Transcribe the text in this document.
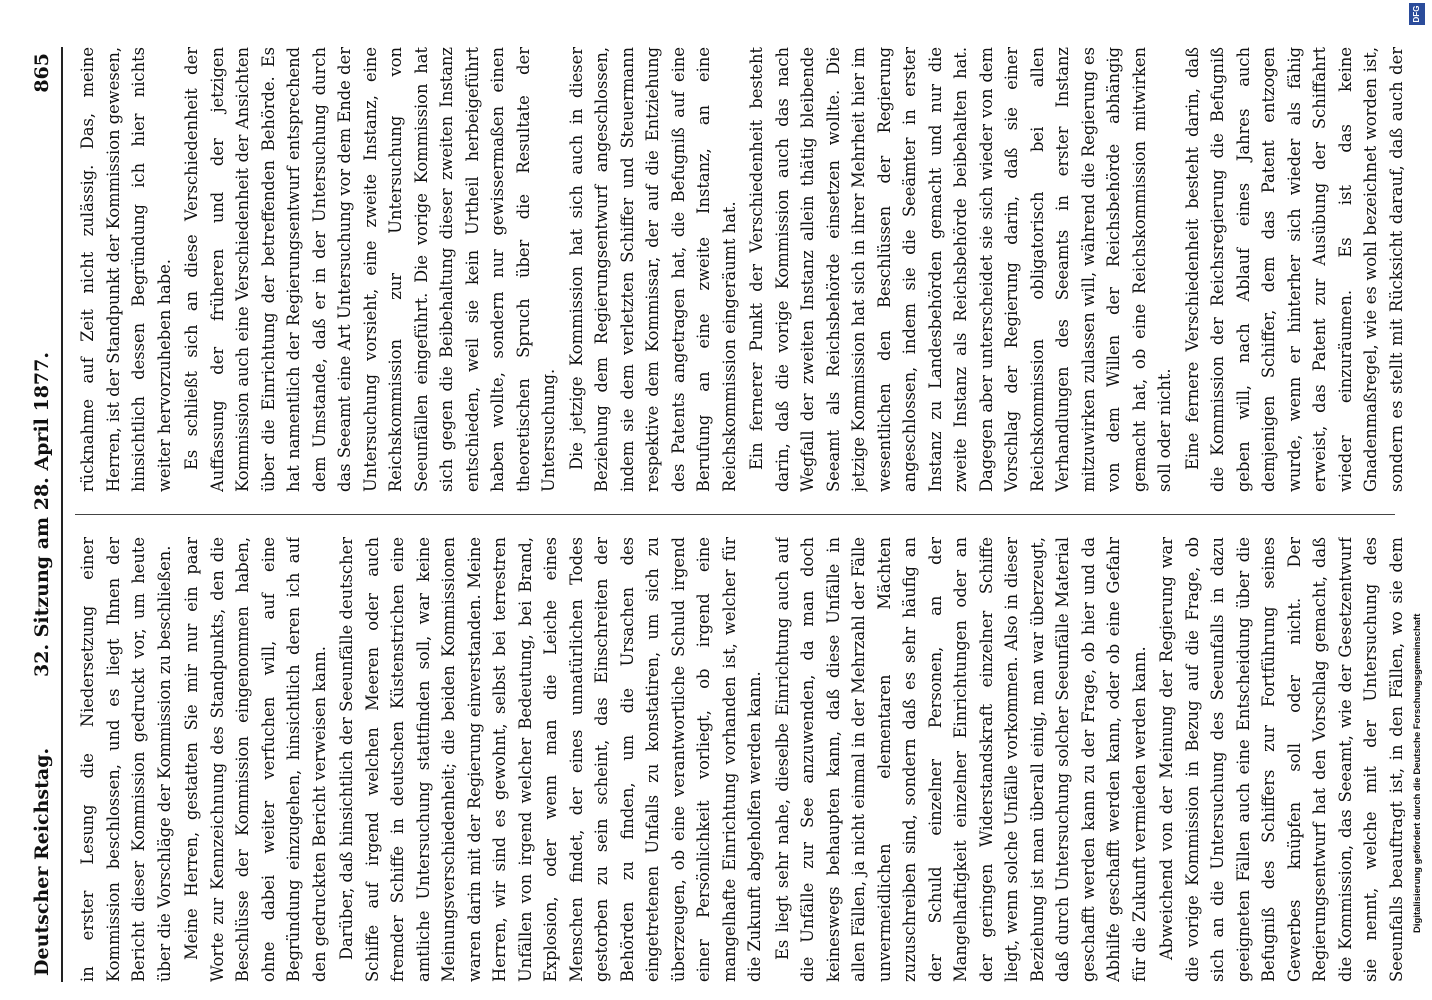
Deutscher Reichstag.
32. Sitzung am 28. April 1877.
865

in erster Lesung die Niedersetzung einer Kommission beschlossen, und es liegt Ihnen der Bericht dieser Kommission gedruckt vor, um heute über die Vorschläge der Kommission zu beschließen. Meine Herren, gestatten Sie mir nur ein paar Worte zur Kennzeichnung des Standpunkts, den die Beschlüsse der Kommission eingenommen haben, ohne dabei weiter verfuchen will, auf eine Begründung einzugehen, hinsichtlich deren ich auf den gedruckten Bericht verweisen kann. Darüber, daß hinsichtlich der Seeunfälle deutscher Schiffe auf irgend welchen Meeren oder auch fremder Schiffe in deutschen Küstenstrichen eine amtliche Untersuchung stattfinden soll, war keine Meinungsverschiedenheit; die beiden Kommissionen waren darin mit der Regierung einverstanden. Meine Herren, wir sind es gewohnt, selbst bei terrestren Unfällen von irgend welcher Bedeutung, bei Brand, Explosion, oder wenn man die Leiche eines Menschen findet, der eines unnatürlichen Todes gestorben zu sein scheint, das Einschreiten der Behörden zu finden, um die Ursachen des eingetretenen Unfalls zu konstatiren, um sich zu überzeugen, ob eine verantwortliche Schuld irgend einer Persönlichkeit vorliegt, ob irgend eine mangelhafte Einrichtung vorhanden ist, welcher für die Zukunft abgeholfen werden kann. Es liegt sehr nahe, dieselbe Einrichtung auch auf die Unfälle zur See anzuwenden, da man doch keineswegs behaupten kann, daß diese Unfälle in allen Fällen, ja nicht einmal in der Mehrzahl der Fälle unvermeidlichen elementaren Mächten zuzuschreiben sind, sondern daß es sehr häufig an der Schuld einzelner Personen, an der Mangelhaftigkeit einzelner Einrichtungen oder an der geringen Widerstandskraft einzelner Schiffe liegt, wenn solche Unfälle vorkommen. Also in dieser Beziehung ist man überall einig, man war überzeugt, daß durch Untersuchung solcher Seeunfälle Material geschafft werden kann zu der Frage, ob hier und da Abhilfe geschafft werden kann, oder ob eine Gefahr für die Zukunft vermieden werden kann. Abweichend von der Meinung der Regierung war die vorige Kommission in Bezug auf die Frage, ob sich an die Untersuchung des Seeunfalls in dazu geeigneten Fällen auch eine Entscheidung über die Befugniß des Schiffers zur Fortführung seines Gewerbes knüpfen soll oder nicht. Der Regierungsentwurf hat den Vorschlag gemacht, daß die Kommission, das Seeamt, wie der Gesetzentwurf sie nennt, welche mit der Untersuchung des Seeunfalls beauftragt ist, in den Fällen, wo sie dem

rücknahme auf Zeit nicht zulässig. Das, meine Herren, ist der Standpunkt der Kommission gewesen, hinsichtlich dessen Begründung ich hier nichts weiter hervorzuheben habe. Es schließt sich an diese Verschiedenheit der Auffassung der früheren und der jetzigen Kommission auch eine Verschiedenheit der Ansichten über die Einrichtung der betreffenden Behörde. Es hat namentlich der Regierungsentwurf entsprechend dem Umstande, daß er in der Untersuchung durch das Seeamt eine Art Untersuchung vor dem Ende der Untersuchung vorsieht, eine zweite Instanz, eine Reichskommission zur Untersuchung von Seeunfällen eingeführt. Die vorige Kommission hat sich gegen die Beibehaltung dieser zweiten Instanz entschieden, weil sie kein Urtheil herbeigeführt haben wollte, sondern nur gewissermaßen einen theoretischen Spruch über die Resultate der Untersuchung. Die jetzige Kommission hat sich auch in dieser Beziehung dem Regierungsentwurf angeschlossen, indem sie dem verletzten Schiffer und Steuermann respektive dem Kommissar, der auf die Entziehung des Patents angetragen hat, die Befugniß auf eine Berufung an eine zweite Instanz, an eine Reichskommission eingeräumt hat. Ein fernerer Punkt der Verschiedenheit besteht darin, daß die vorige Kommission auch das nach Wegfall der zweiten Instanz allein thätig bleibende Seeamt als Reichsbehörde einsetzen wollte. Die jetzige Kommission hat sich in ihrer Mehrheit hier im wesentlichen den Beschlüssen der Regierung angeschlossen, indem sie die Seeämter in erster Instanz zu Landesbehörden gemacht und nur die zweite Instanz als Reichsbehörde beibehalten hat. Dagegen aber unterscheidet sie sich wieder von dem Vorschlag der Regierung darin, daß sie einer Reichskommission obligatorisch bei allen Verhandlungen des Seeamts in erster Instanz mitzuwirken zulassen will, während die Regierung es von dem Willen der Reichsbehörde abhängig gemacht hat, ob eine Reichskommission mitwirken soll oder nicht. Eine fernere Verschiedenheit besteht darin, daß die Kommission der Reichsregierung die Befugniß geben will, nach Ablauf eines Jahres auch demjenigen Schiffer, dem das Patent entzogen wurde, wenn er hinterher sich wieder als fähig erweist, das Patent zur Ausübung der Schiffahrt wieder einzuräumen. Es ist das keine Gnadenmaßregel, wie es wohl bezeichnet worden ist, sondern es stellt mit Rücksicht darauf, daß auch der

Digitalisierung gefördert durch die Deutsche Forschungsgemeinschaft
DFG
